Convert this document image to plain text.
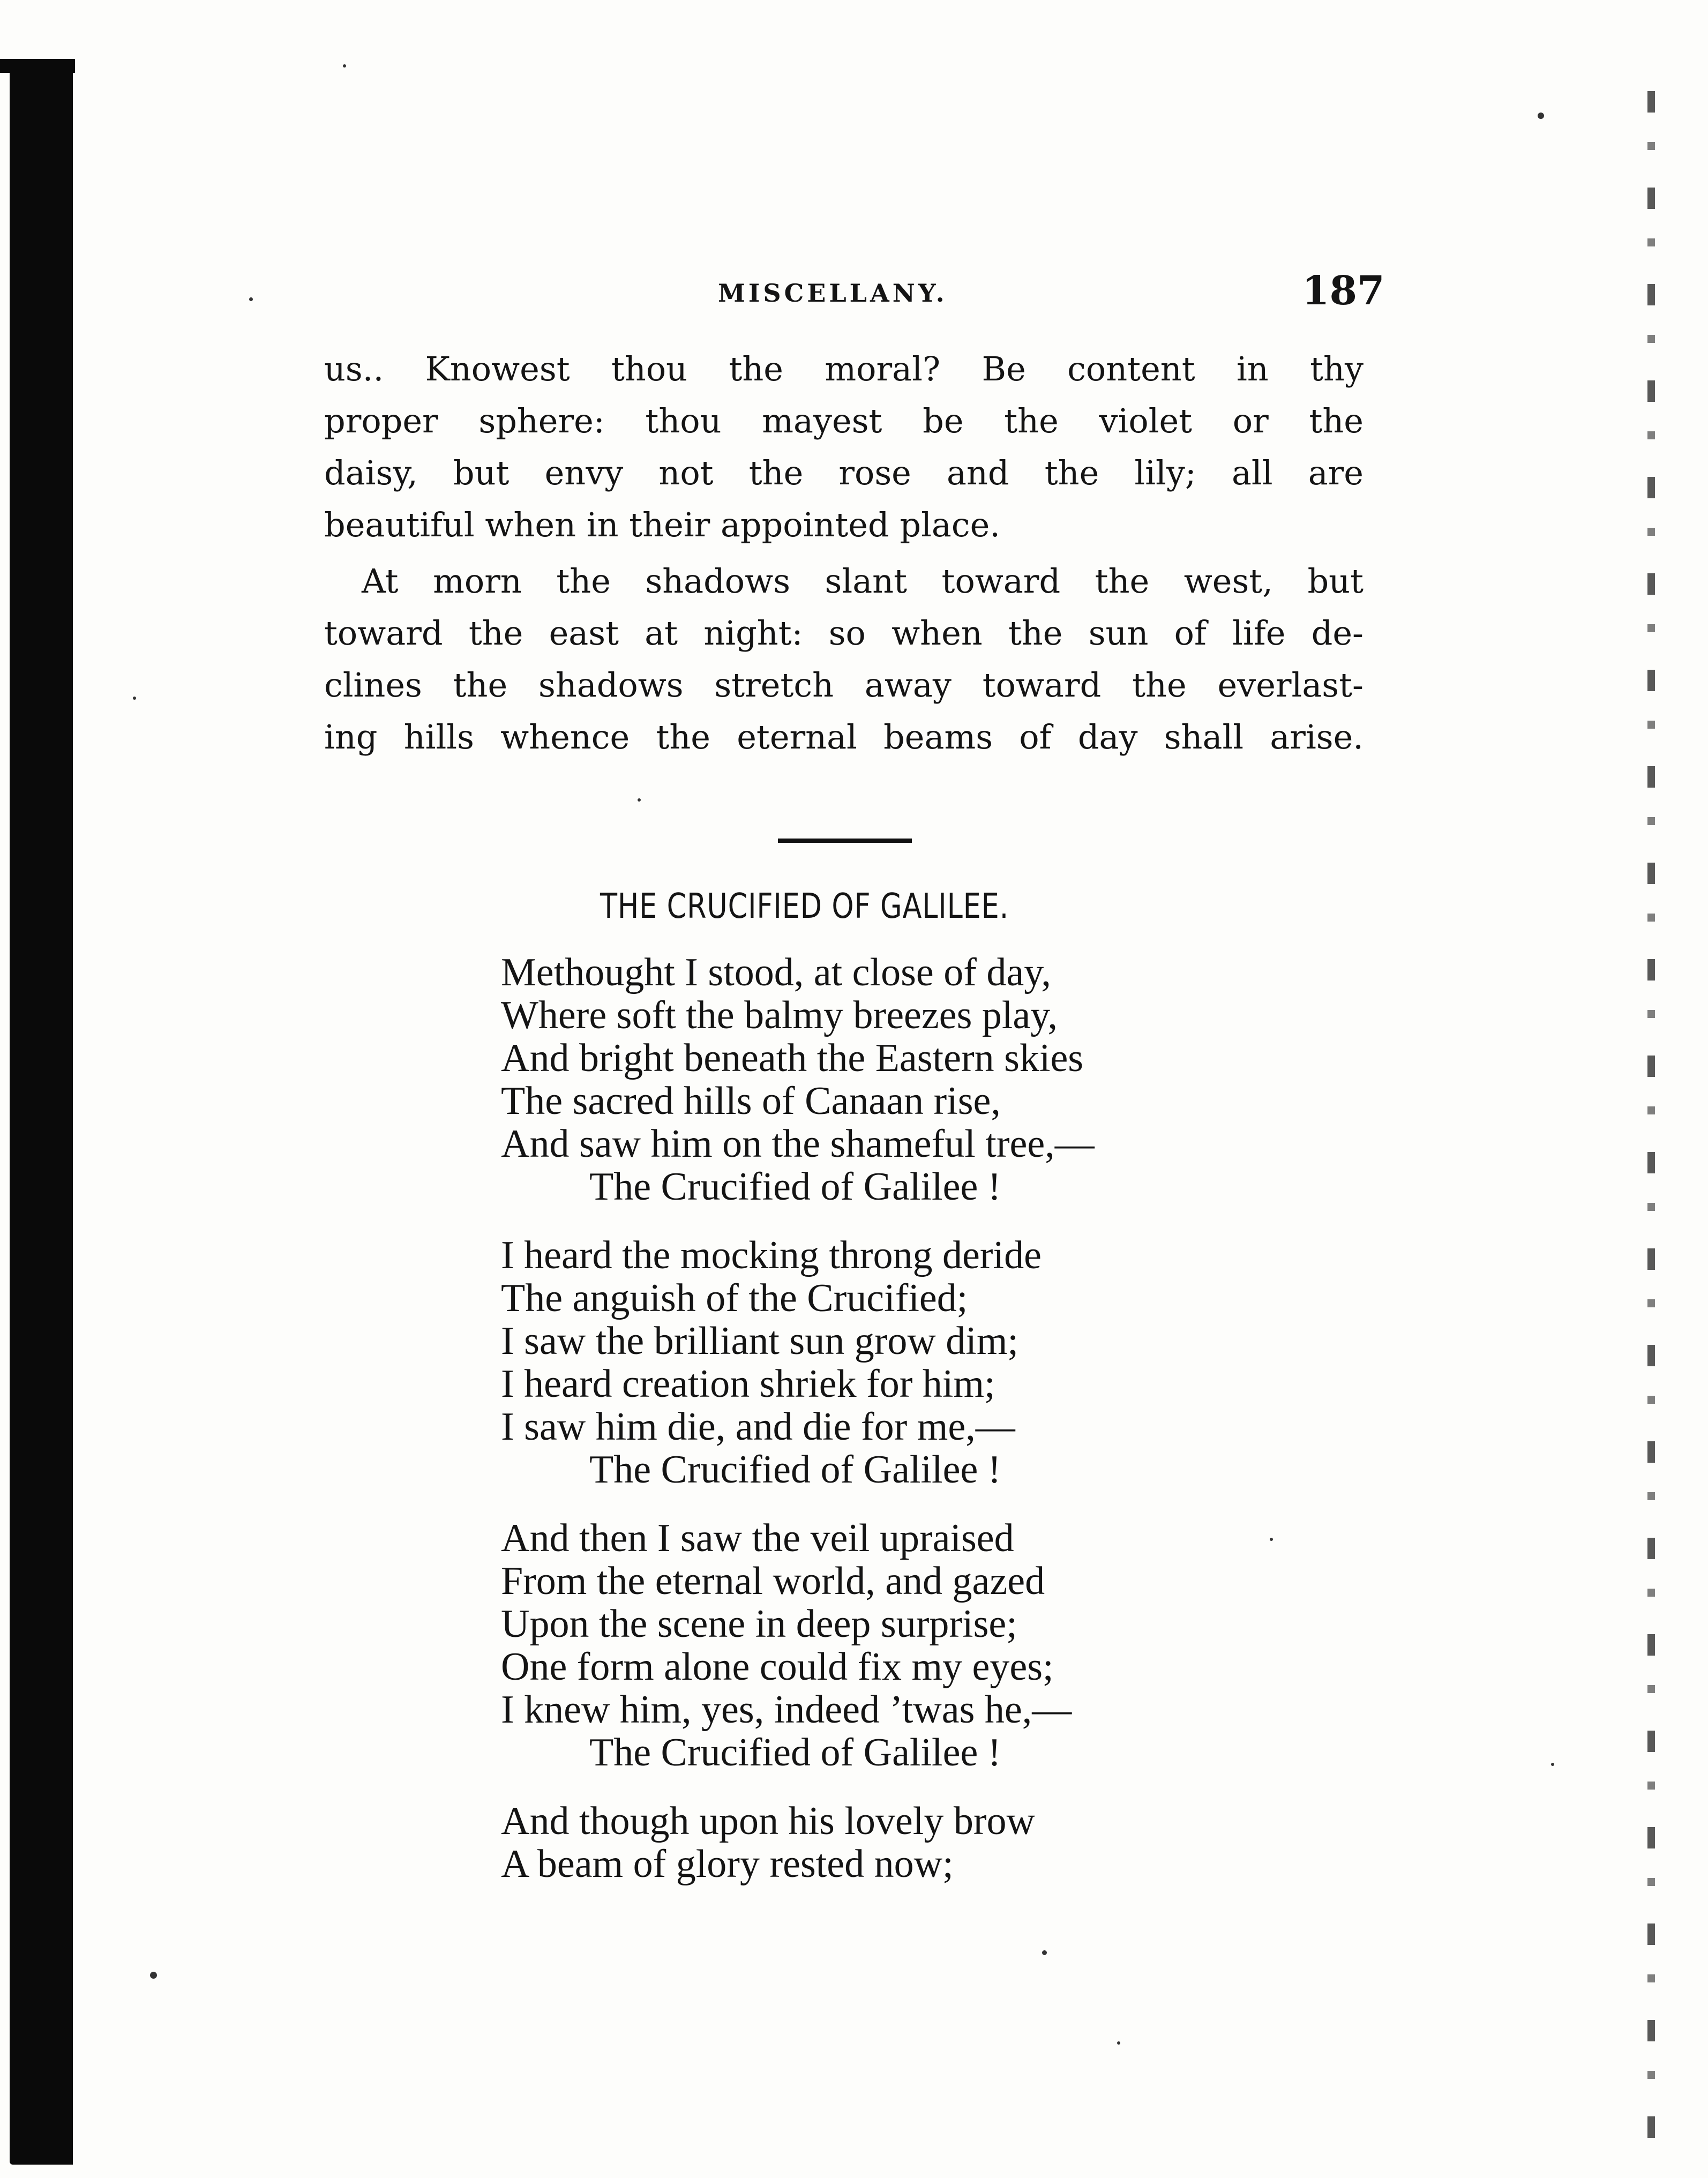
MISCELLANY.	187
us.. Knowest thou the moral? Be content in thy
proper sphere: thou mayest be the violet or the
daisy, but envy not the rose and the lily; all are
beautiful when in their appointed place.
At morn the shadows slant toward the west, but
toward the east at night: so when the sun of life de-
clines the shadows stretch away toward the everlast-
ing hills whence the eternal beams of day shall arise.
THE CRUCIFIED OF GALILEE.
Methought I stood, at close of day,
Where soft the balmy breezes play,
And bright beneath the Eastern skies
The sacred hills of Canaan rise,
And saw him on the shameful tree,—
The Crucified of Galilee !
I heard the mocking throng deride
The anguish of the Crucified;
I saw the brilliant sun grow dim;
I heard creation shriek for him;
I saw him die, and die for me,—
The Crucified of Galilee !
And then I saw the veil upraised
From the eternal world, and gazed
Upon the scene in deep surprise;
One form alone could fix my eyes;
I knew him, yes, indeed ’twas he,—
The Crucified of Galilee !
And though upon his lovely brow
A beam of glory rested now;
